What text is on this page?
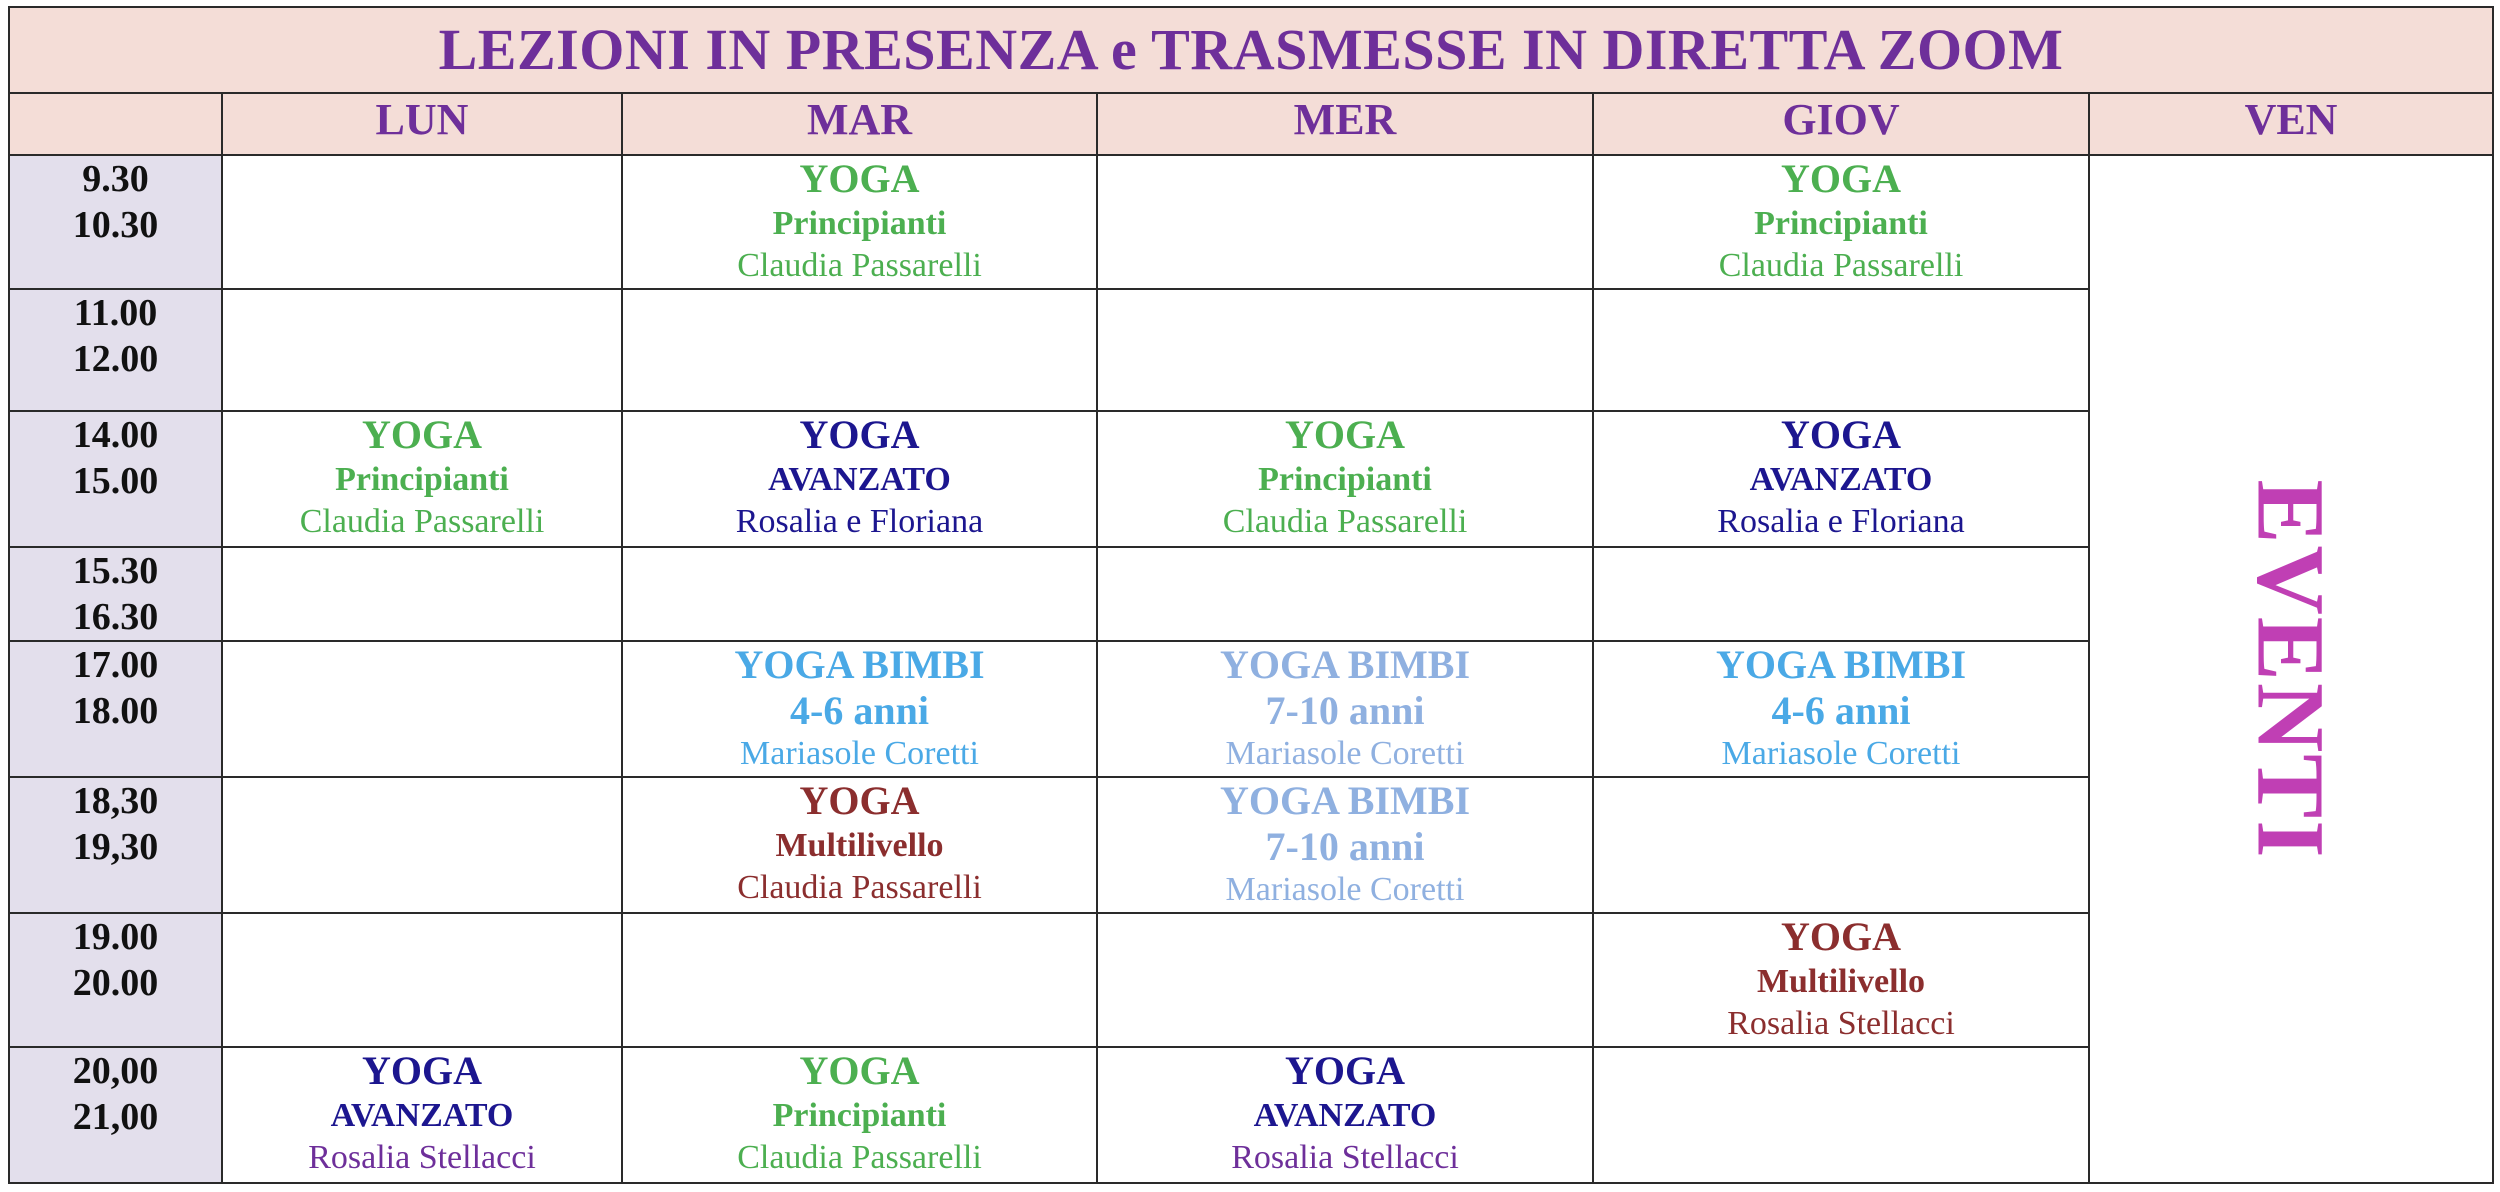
LEZIONI IN PRESENZA e TRASMESSE IN DIRETTA ZOOM					
	LUN	MAR	MER	GIOV	VEN

9.30
10.30		YOGA
Principianti
Claudia Passarelli		YOGA
Principianti
Claudia Passarelli	EVENTI

11.00
12.00					

14.00
15.00	YOGA
Principianti
Claudia Passarelli	YOGA
AVANZATO
Rosalia e Floriana	YOGA
Principianti
Claudia Passarelli	YOGA
AVANZATO
Rosalia e Floriana	

15.30
16.30					

17.00
18.00		YOGA BIMBI
4-6 anni
Mariasole Coretti	YOGA BIMBI
7-10 anni
Mariasole Coretti	YOGA BIMBI
4-6 anni
Mariasole Coretti	

18,30
19,30		YOGA
Multilivello
Claudia Passarelli	YOGA BIMBI
7-10 anni
Mariasole Coretti		

19.00
20.00				YOGA
Multilivello
Rosalia Stellacci	

20,00
21,00	YOGA
AVANZATO
Rosalia Stellacci	YOGA
Principianti
Claudia Passarelli	YOGA
AVANZATO
Rosalia Stellacci		
